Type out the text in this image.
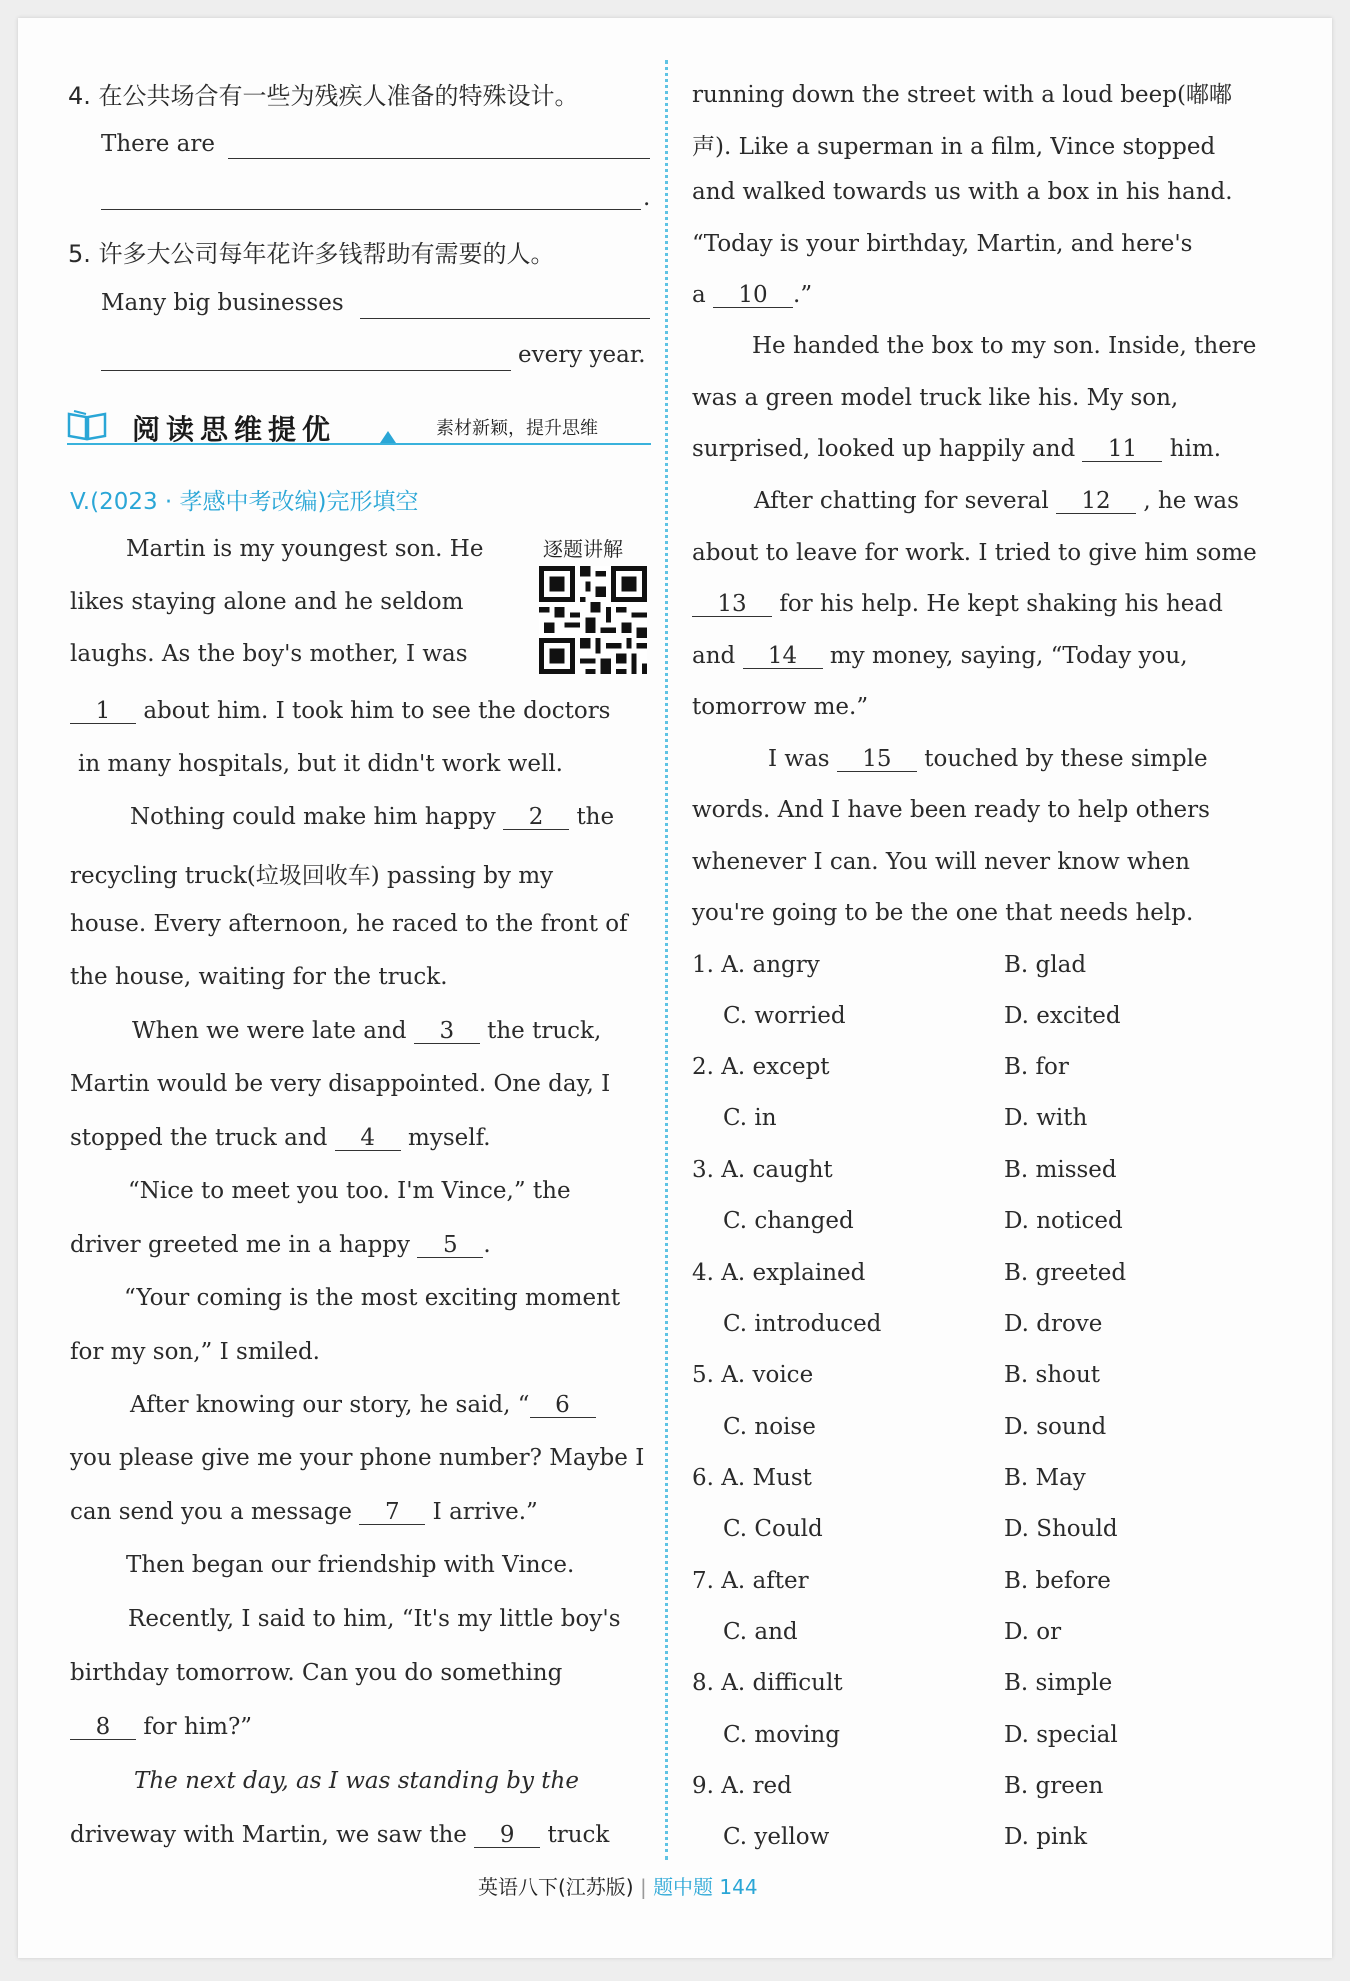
4. 在公共场合有一些为残疾人准备的特殊设计。
There are
.
5. 许多大公司每年花许多钱帮助有需要的人。
Many big businesses
every year.
阅读思维提优	素材新颖，提升思维
V.(2023 · 孝感中考改编)完形填空
逐题讲解
Martin is my youngest son. He
likes staying alone and he seldom
laughs. As the boy's mother, I was
1 about him. I took him to see the doctors
in many hospitals, but it didn't work well.
Nothing could make him happy 2 the
recycling truck(垃圾回收车) passing by my
house. Every afternoon, he raced to the front of
the house, waiting for the truck.
When we were late and 3 the truck,
Martin would be very disappointed. One day, I
stopped the truck and 4 myself.
“Nice to meet you too. I'm Vince,” the
driver greeted me in a happy 5 .
“Your coming is the most exciting moment
for my son,” I smiled.
After knowing our story, he said, “ 6
you please give me your phone number? Maybe I
can send you a message 7 I arrive.”
Then began our friendship with Vince.
Recently, I said to him, “It's my little boy's
birthday tomorrow. Can you do something
8 for him?”
The next day, as I was standing by the
driveway with Martin, we saw the 9 truck
running down the street with a loud beep(嘟嘟
声). Like a superman in a film, Vince stopped
and walked towards us with a box in his hand.
“Today is your birthday, Martin, and here's
a 10 .”
He handed the box to my son. Inside, there
was a green model truck like his. My son,
surprised, looked up happily and 11 him.
After chatting for several 12 , he was
about to leave for work. I tried to give him some
13 for his help. He kept shaking his head
and 14 my money, saying, “Today you,
tomorrow me.”
I was 15 touched by these simple
words. And I have been ready to help others
whenever I can. You will never know when
you're going to be the one that needs help.
1. A. angry	B. glad
C. worried	D. excited
2. A. except	B. for
C. in	D. with
3. A. caught	B. missed
C. changed	D. noticed
4. A. explained	B. greeted
C. introduced	D. drove
5. A. voice	B. shout
C. noise	D. sound
6. A. Must	B. May
C. Could	D. Should
7. A. after	B. before
C. and	D. or
8. A. difficult	B. simple
C. moving	D. special
9. A. red	B. green
C. yellow	D. pink
英语八下(江苏版) | 题中题 144
